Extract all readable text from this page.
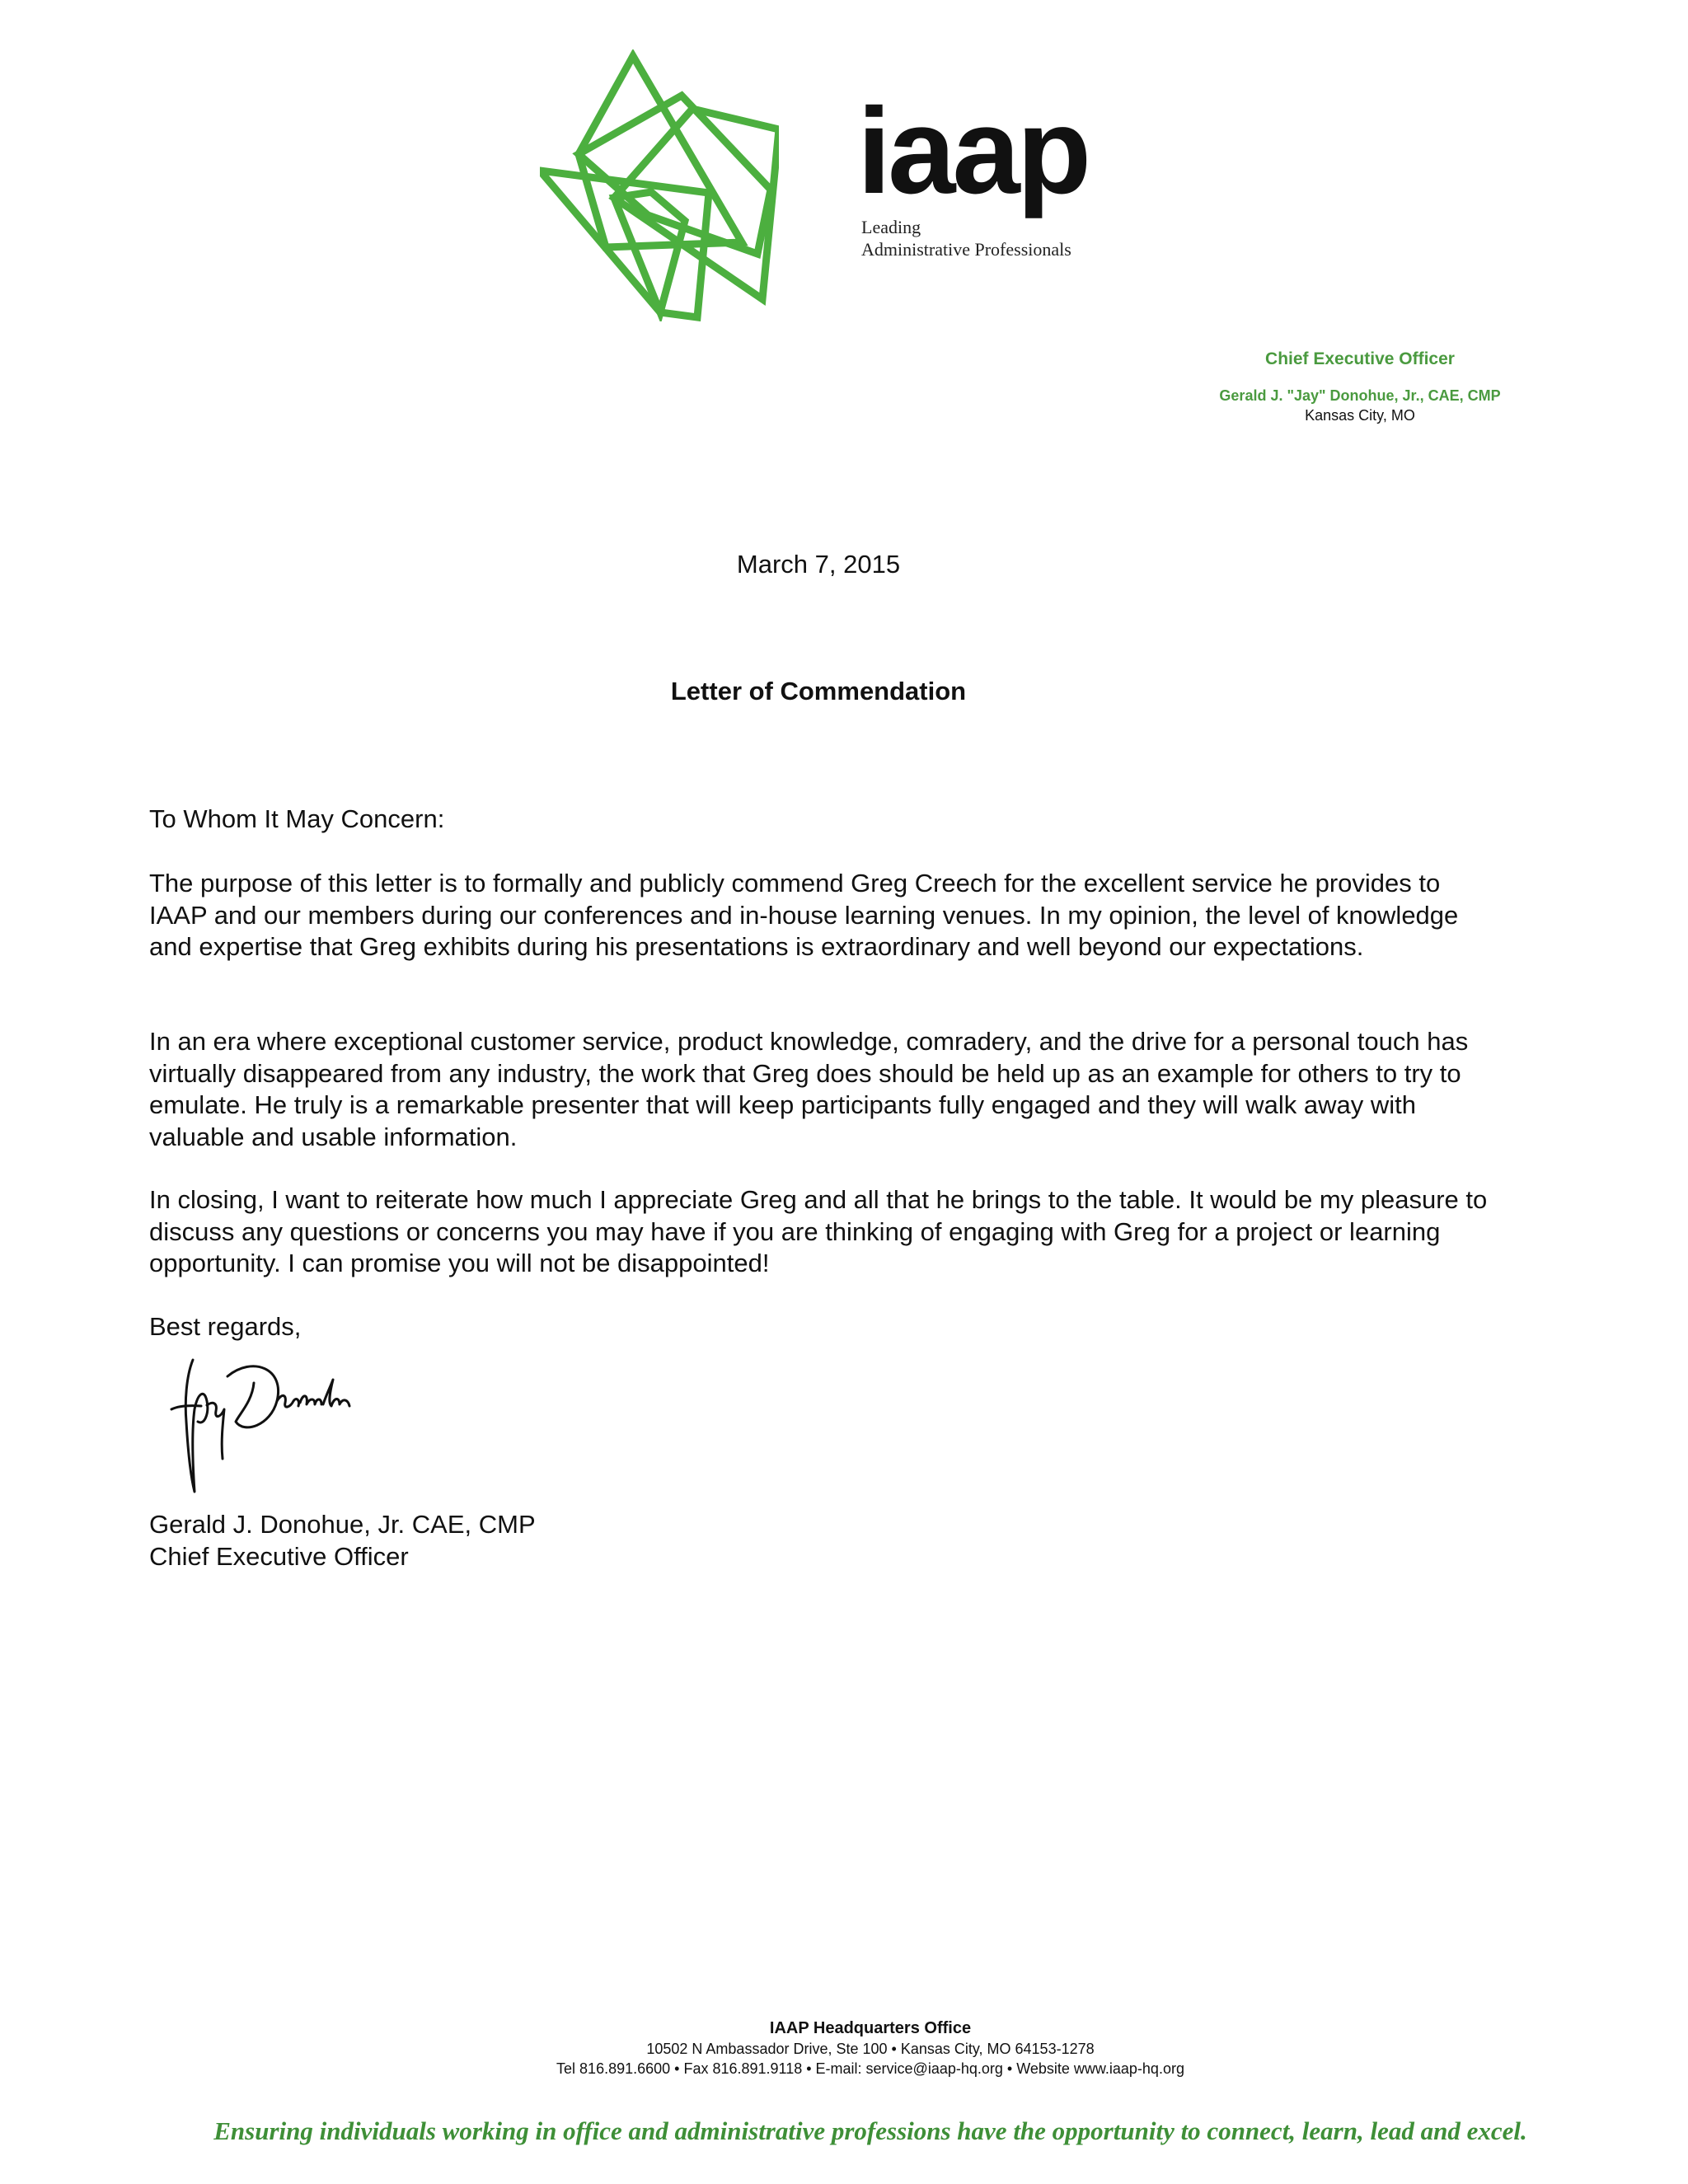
iaap
Leading
Administrative Professionals
Chief Executive Officer
Gerald J. "Jay" Donohue, Jr., CAE, CMP
Kansas City, MO
March 7, 2015
Letter of Commendation
To Whom It May Concern:

The purpose of this letter is to formally and publicly commend Greg Creech for the excellent service he provides to IAAP and our members during our conferences and in-house learning venues. In my opinion, the level of knowledge and expertise that Greg exhibits during his presentations is extraordinary and well beyond our expectations.

In an era where exceptional customer service, product knowledge, comradery, and the drive for a personal touch has virtually disappeared from any industry, the work that Greg does should be held up as an example for others to try to emulate. He truly is a remarkable presenter that will keep participants fully engaged and they will walk away with valuable and usable information.

In closing, I want to reiterate how much I appreciate Greg and all that he brings to the table. It would be my pleasure to discuss any questions or concerns you may have if you are thinking of engaging with Greg for a project or learning opportunity. I can promise you will not be disappointed!

Best regards,
Gerald J. Donohue, Jr. CAE, CMP
Chief Executive Officer
IAAP Headquarters Office
10502 N Ambassador Drive, Ste 100 • Kansas City, MO 64153-1278
Tel 816.891.6600 • Fax 816.891.9118 • E-mail: service@iaap-hq.org • Website www.iaap-hq.org
Ensuring individuals working in office and administrative professions have the opportunity to connect, learn, lead and excel.
